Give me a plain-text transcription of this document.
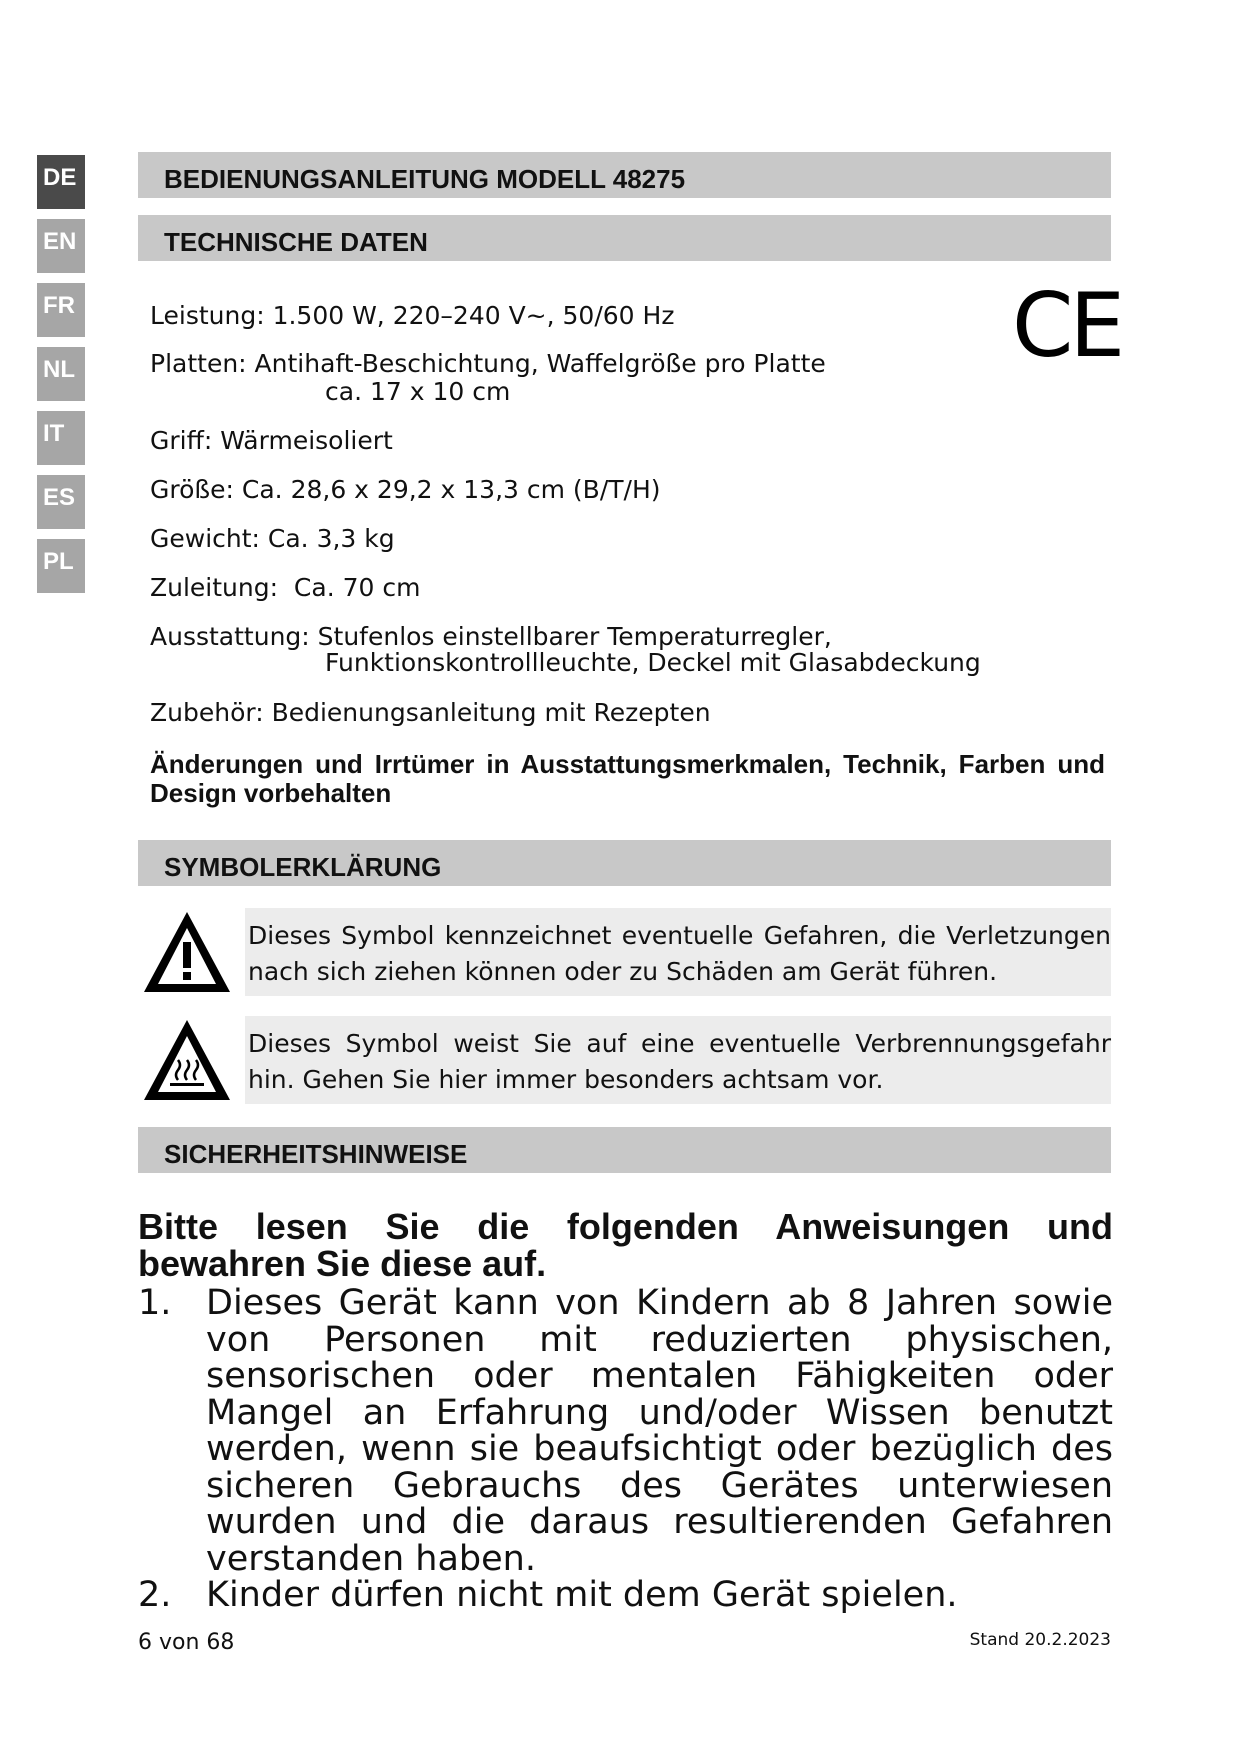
DE
EN
FR
NL
IT
ES
PL
BEDIENUNGSANLEITUNG MODELL 48275
TECHNISCHE DATEN
CE
Leistung: 1.500 W, 220–240 V~, 50/60 Hz
Platten: Antihaft-Beschichtung, Waffelgröße pro Platte
ca. 17 x 10 cm
Griff: Wärmeisoliert
Größe: Ca. 28,6 x 29,2 x 13,3 cm (B/T/H)
Gewicht: Ca. 3,3 kg
Zuleitung:  Ca. 70 cm
Ausstattung: Stufenlos einstellbarer Temperaturregler,
Funktionskontrollleuchte, Deckel mit Glasabdeckung
Zubehör: Bedienungsanleitung mit Rezepten
Änderungen und Irrtümer in Ausstattungsmerkmalen, Technik, Farben und Design vorbehalten
SYMBOLERKLÄRUNG
Dieses Symbol kennzeichnet eventuelle Gefahren, die Verletzungen nach sich ziehen können oder zu Schäden am Gerät führen.
Dieses Symbol weist Sie auf eine eventuelle Verbrennungsgefahr hin. Gehen Sie hier immer besonders achtsam vor.
SICHERHEITSHINWEISE
Bitte lesen Sie die folgenden Anweisungen und bewahren Sie diese auf.
1. Dieses Gerät kann von Kindern ab 8 Jahren sowie von Personen mit reduzierten physischen, sensorischen oder mentalen Fähigkeiten oder Mangel an Erfahrung und/oder Wissen benutzt werden, wenn sie beaufsichtigt oder bezüglich des sicheren Gebrauchs des Gerätes unterwiesen wurden und die daraus resultierenden Gefahren verstanden haben.
2. Kinder dürfen nicht mit dem Gerät spielen.
6 von 68	Stand 20.2.2023
